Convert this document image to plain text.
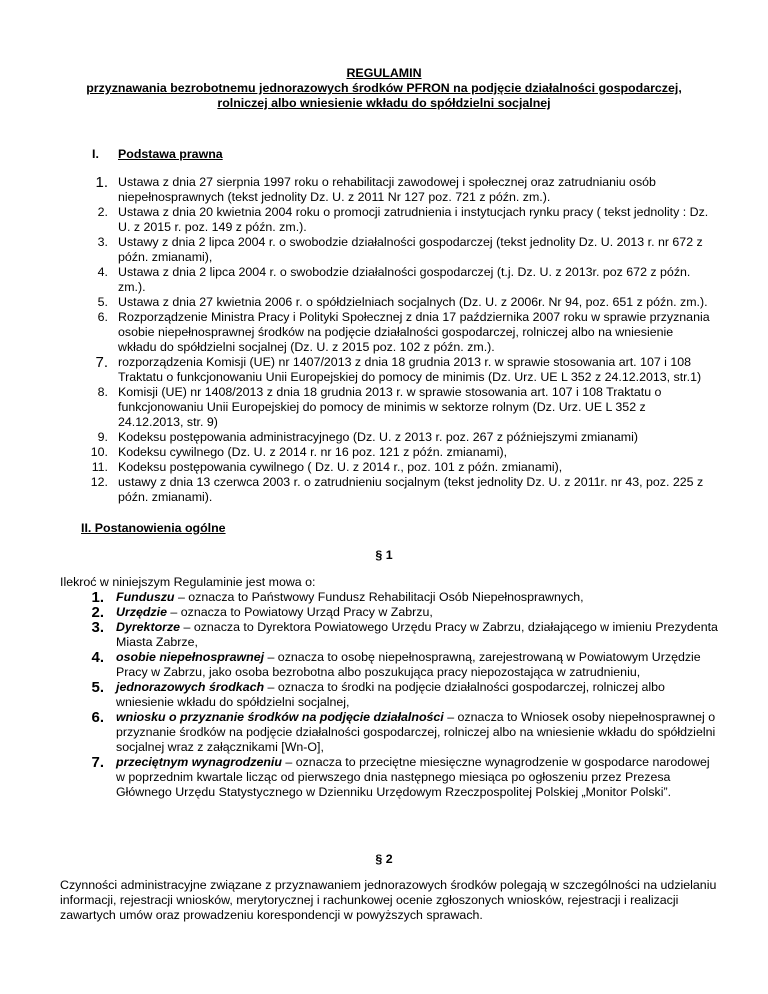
REGULAMIN
przyznawania bezrobotnemu jednorazowych środków PFRON na podjęcie działalności gospodarczej,
rolniczej albo wniesienie wkładu do spółdzielni socjalnej
I. Podstawa prawna
1. Ustawa z dnia 27 sierpnia 1997 roku o rehabilitacji zawodowej i społecznej oraz zatrudnianiu osób niepełnosprawnych (tekst jednolity Dz. U. z 2011 Nr 127 poz. 721 z późn. zm.).
2. Ustawa z dnia 20 kwietnia 2004 roku o promocji zatrudnienia i instytucjach rynku pracy ( tekst jednolity : Dz. U. z 2015 r. poz. 149 z późn. zm.).
3. Ustawy z dnia 2 lipca 2004 r. o swobodzie działalności gospodarczej (tekst jednolity Dz. U. 2013 r. nr 672 z późn. zmianami),
4. Ustawa z dnia 2 lipca 2004 r. o swobodzie działalności gospodarczej (t.j. Dz. U. z 2013r. poz 672 z późn. zm.).
5. Ustawa z dnia 27 kwietnia 2006 r. o spółdzielniach socjalnych (Dz. U. z 2006r. Nr 94, poz. 651 z późn. zm.).
6. Rozporządzenie Ministra Pracy i Polityki Społecznej z dnia 17 października 2007 roku w sprawie przyznania osobie niepełnosprawnej środków na podjęcie działalności gospodarczej, rolniczej albo na wniesienie wkładu do spółdzielni socjalnej (Dz. U. z 2015 poz. 102 z późn. zm.).
7. rozporządzenia Komisji (UE) nr 1407/2013 z dnia 18 grudnia 2013 r. w sprawie stosowania art. 107 i 108 Traktatu o funkcjonowaniu Unii Europejskiej do pomocy de minimis (Dz. Urz. UE L 352 z 24.12.2013, str.1)
8. Komisji (UE) nr 1408/2013 z dnia 18 grudnia 2013 r. w sprawie stosowania art. 107 i 108 Traktatu o funkcjonowaniu Unii Europejskiej do pomocy de minimis w sektorze rolnym (Dz. Urz. UE L 352 z 24.12.2013, str. 9)
9. Kodeksu postępowania administracyjnego (Dz. U. z 2013 r. poz. 267 z późniejszymi zmianami)
10. Kodeksu cywilnego (Dz. U. z 2014 r. nr 16 poz. 121 z późn. zmianami),
11. Kodeksu postępowania cywilnego ( Dz. U. z 2014 r., poz. 101 z późn. zmianami),
12. ustawy z dnia 13 czerwca 2003 r. o zatrudnieniu socjalnym (tekst jednolity Dz. U. z 2011r. nr 43, poz. 225 z późn. zmianami).
II. Postanowienia ogólne
§ 1
Ilekroć w niniejszym Regulaminie jest mowa o:
1. Funduszu – oznacza to Państwowy Fundusz Rehabilitacji Osób Niepełnosprawnych,
2. Urzędzie – oznacza to Powiatowy Urząd Pracy w Zabrzu,
3. Dyrektorze – oznacza to Dyrektora Powiatowego Urzędu Pracy w Zabrzu, działającego w imieniu Prezydenta Miasta Zabrze,
4. osobie niepełnosprawnej – oznacza to osobę niepełnosprawną, zarejestrowaną w Powiatowym Urzędzie Pracy w Zabrzu, jako osoba bezrobotna albo poszukująca pracy niepozostająca w zatrudnieniu,
5. jednorazowych środkach – oznacza to środki na podjęcie działalności gospodarczej, rolniczej albo wniesienie wkładu do spółdzielni socjalnej,
6. wniosku o przyznanie środków na podjęcie działalności – oznacza to Wniosek osoby niepełnosprawnej o przyznanie środków na podjęcie działalności gospodarczej, rolniczej albo na wniesienie wkładu do spółdzielni socjalnej wraz z załącznikami [Wn-O],
7. przeciętnym wynagrodzeniu – oznacza to przeciętne miesięczne wynagrodzenie w gospodarce narodowej w poprzednim kwartale licząc od pierwszego dnia następnego miesiąca po ogłoszeniu przez Prezesa Głównego Urzędu Statystycznego w Dzienniku Urzędowym Rzeczpospolitej Polskiej „Monitor Polski”.
§ 2
Czynności administracyjne związane z przyznawaniem jednorazowych środków polegają w szczególności na udzielaniu informacji, rejestracji wniosków, merytorycznej i rachunkowej ocenie zgłoszonych wniosków, rejestracji i realizacji zawartych umów oraz prowadzeniu korespondencji w powyższych sprawach.
